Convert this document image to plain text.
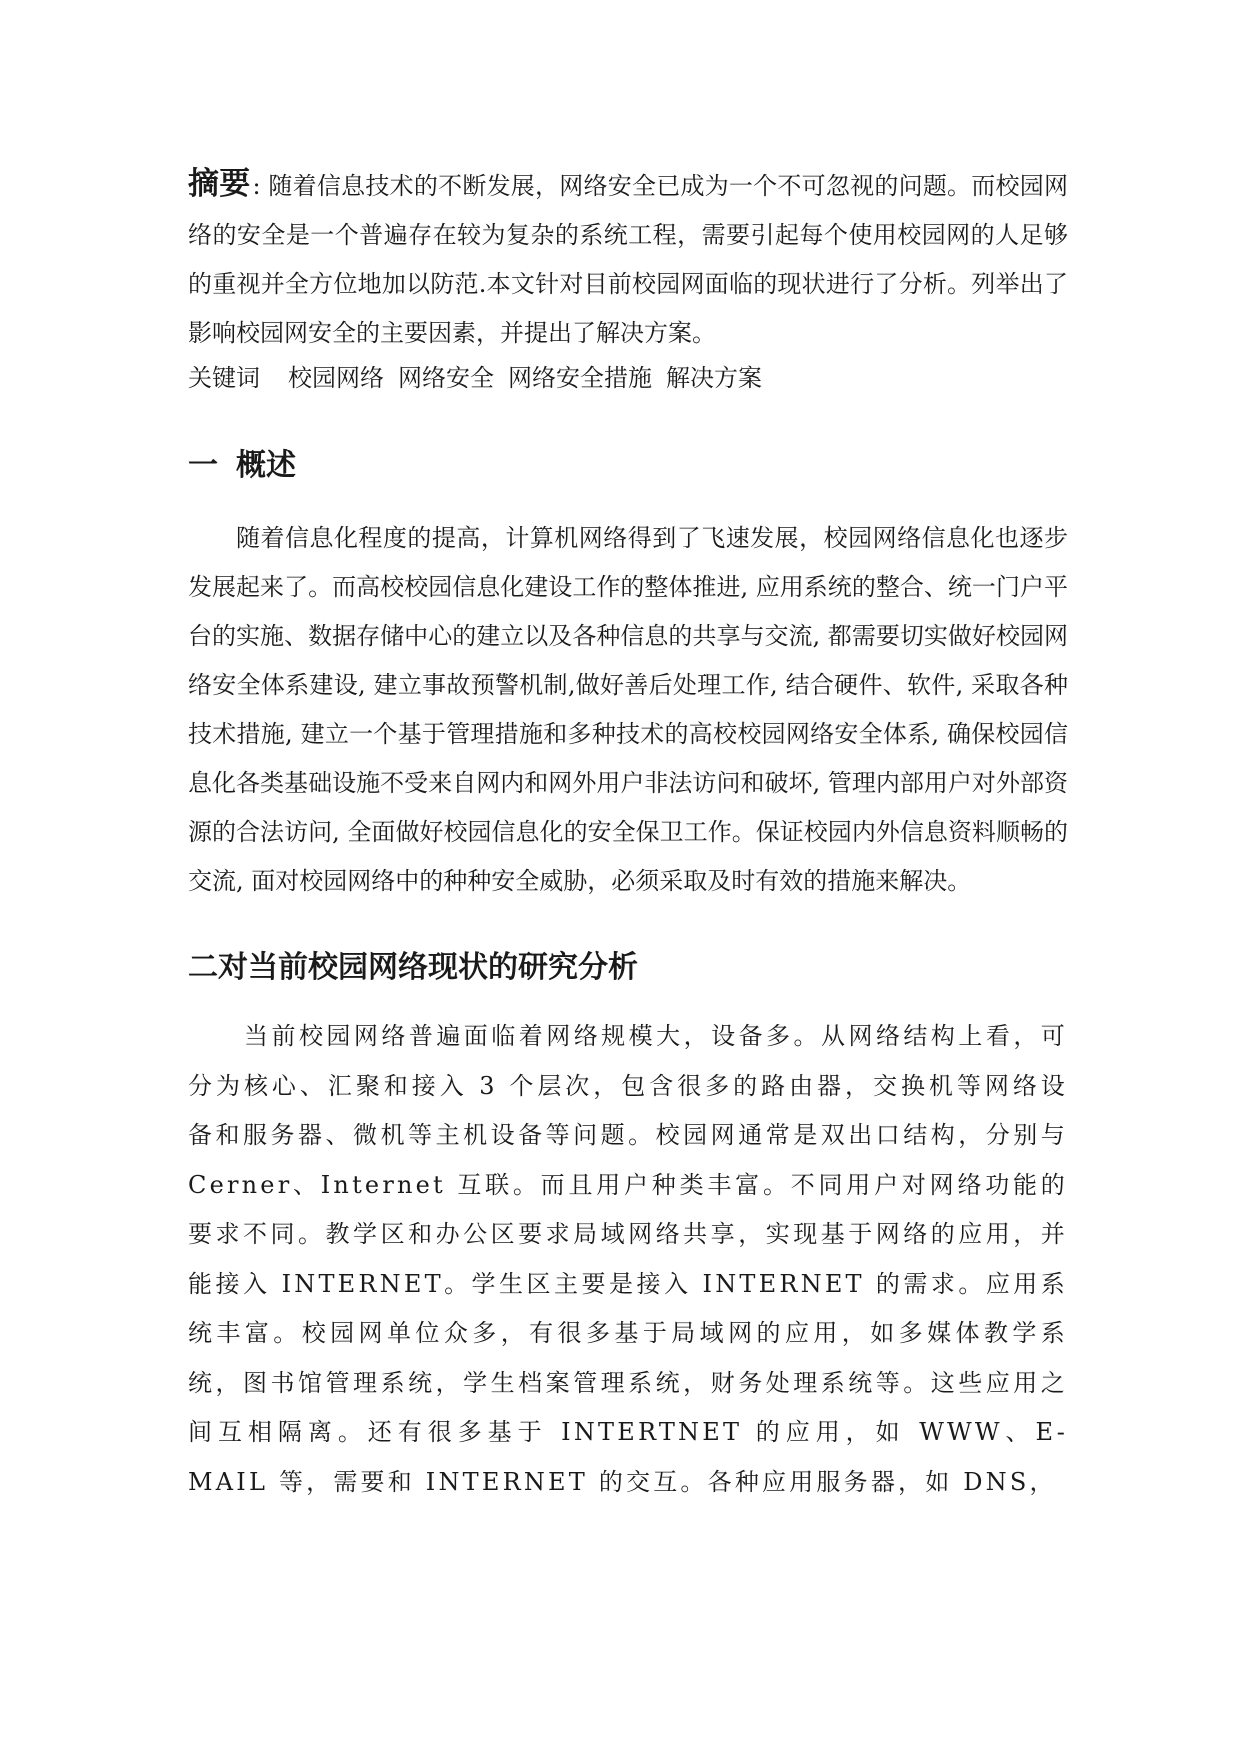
摘要: 随着信息技术的不断发展，网络安全已成为一个不可忽视的问题。而校园网络的安全是一个普遍存在较为复杂的系统工程，需要引起每个使用校园网的人足够的重视并全方位地加以防范.本文针对目前校园网面临的现状进行了分析。列举出了影响校园网安全的主要因素，并提出了解决方案。

关键词 校园网络 网络安全 网络安全措施 解决方案
一 概述

随着信息化程度的提高，计算机网络得到了飞速发展，校园网络信息化也逐步发展起来了。而高校校园信息化建设工作的整体推进, 应用系统的整合、统一门户平台的实施、数据存储中心的建立以及各种信息的共享与交流, 都需要切实做好校园网络安全体系建设, 建立事故预警机制,做好善后处理工作, 结合硬件、软件, 采取各种技术措施, 建立一个基于管理措施和多种技术的高校校园网络安全体系, 确保校园信息化各类基础设施不受来自网内和网外用户非法访问和破坏, 管理内部用户对外部资源的合法访问, 全面做好校园信息化的安全保卫工作。保证校园内外信息资料顺畅的交流, 面对校园网络中的种种安全威胁，必须采取及时有效的措施来解决。

二对当前校园网络现状的研究分析

当前校园网络普遍面临着网络规模大，设备多。从网络结构上看，可分为核心、汇聚和接入 3 个层次，包含很多的路由器，交换机等网络设备和服务器、微机等主机设备等问题。校园网通常是双出口结构，分别与 Cerner、Internet 互联。而且用户种类丰富。不同用户对网络功能的要求不同。教学区和办公区要求局域网络共享，实现基于网络的应用，并能接入 INTERNET。学生区主要是接入 INTERNET 的需求。应用系统丰富。校园网单位众多，有很多基于局域网的应用，如多媒体教学系统，图书馆管理系统，学生档案管理系统，财务处理系统等。这些应用之间互相隔离。还有很多基于 INTERTNET 的应用，如 WWW、E-MAIL 等，需要和 INTERNET 的交互。各种应用服务器，如 DNS，
